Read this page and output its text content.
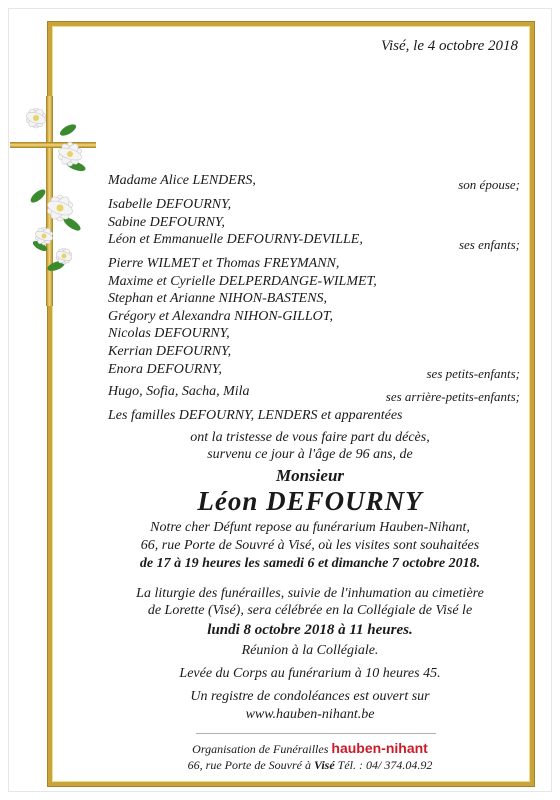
Visé, le 4 octobre 2018
Madame Alice LENDERS,	son épouse;
Isabelle DEFOURNY,
Sabine DEFOURNY,
Léon et Emmanuelle DEFOURNY-DEVILLE,	ses enfants;
Pierre WILMET et Thomas FREYMANN,
Maxime et Cyrielle DELPERDANGE-WILMET,
Stephan et Arianne NIHON-BASTENS,
Grégory et Alexandra NIHON-GILLOT,
Nicolas DEFOURNY,
Kerrian DEFOURNY,
Enora DEFOURNY,	ses petits-enfants;
Hugo, Sofia, Sacha, Mila	ses arrière-petits-enfants;
Les familles DEFOURNY, LENDERS et apparentées
ont la tristesse de vous faire part du décès,
survenu ce jour à l'âge de 96 ans, de
Monsieur
Léon DEFOURNY
Notre cher Défunt repose au funérarium Hauben-Nihant,
66, rue Porte de Souvré à Visé, où les visites sont souhaitées
de 17 à 19 heures les samedi 6 et dimanche 7 octobre 2018.
La liturgie des funérailles, suivie de l'inhumation au cimetière
de Lorette (Visé), sera célébrée en la Collégiale de Visé le
lundi 8 octobre 2018 à 11 heures.
Réunion à la Collégiale.
Levée du Corps au funérarium à 10 heures 45.
Un registre de condoléances est ouvert sur
www.hauben-nihant.be
Organisation de Funérailles hauben-nihant
66, rue Porte de Souvré à Visé Tél. : 04/ 374.04.92
